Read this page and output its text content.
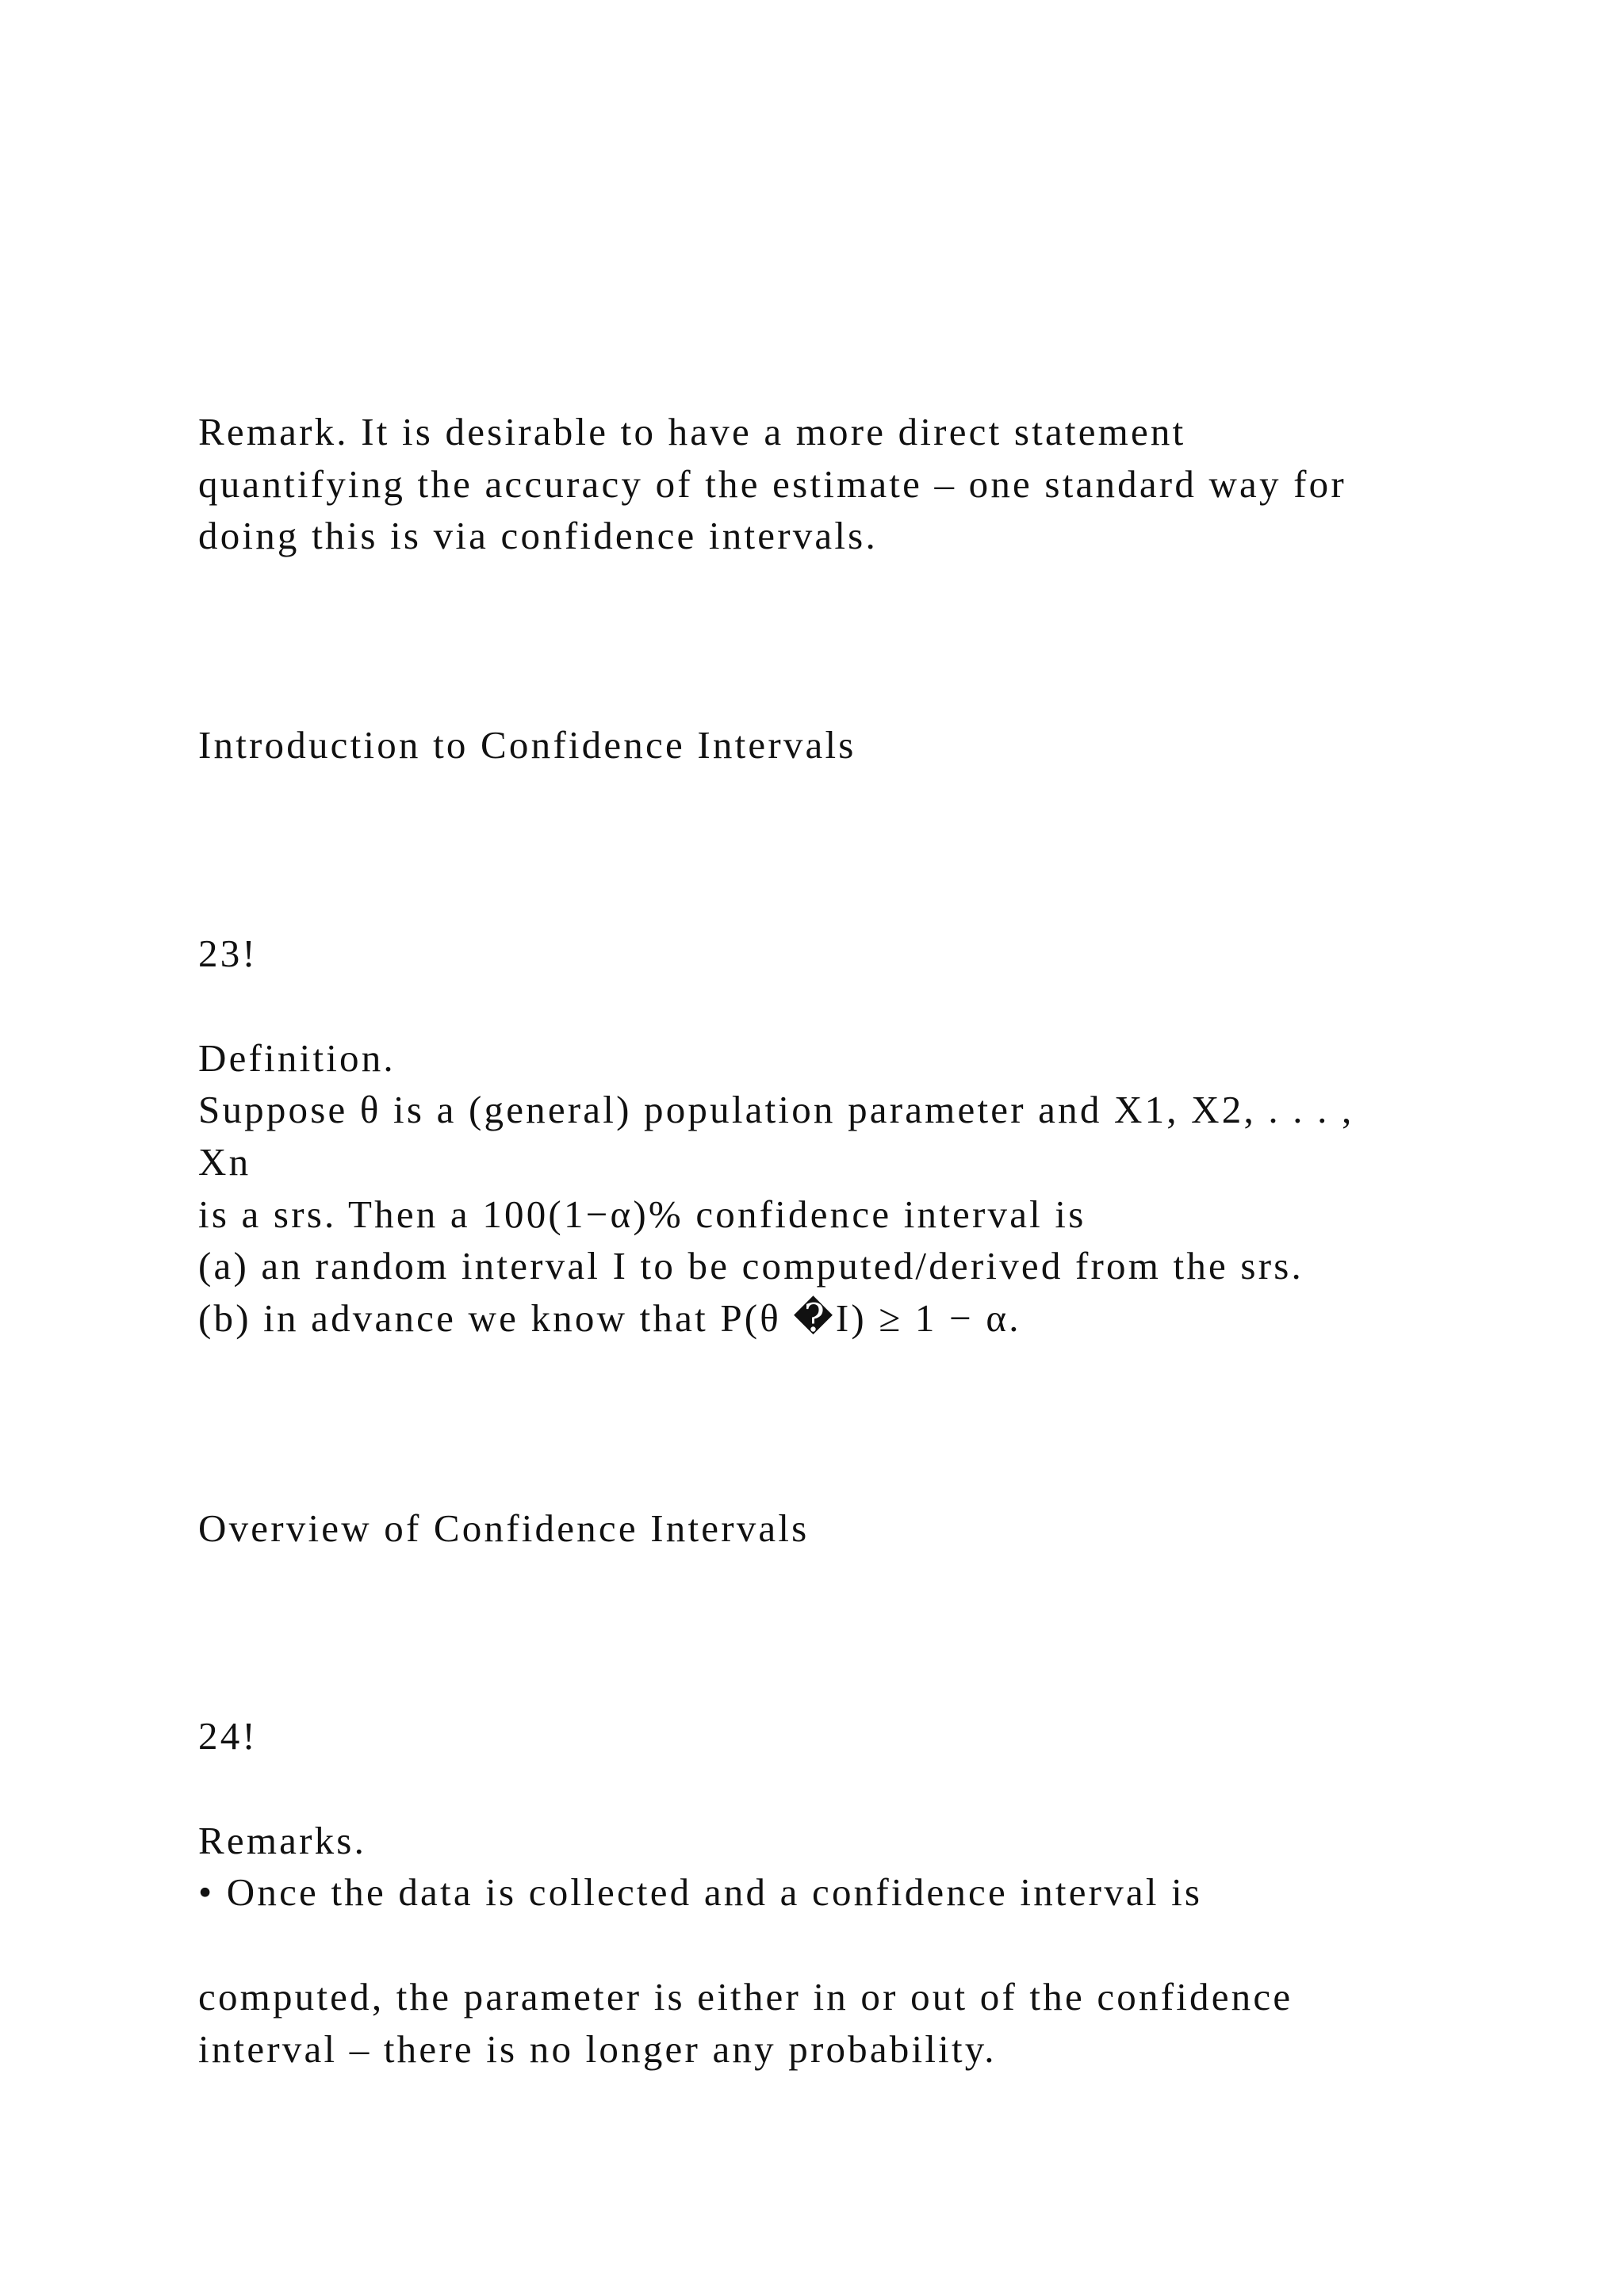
Remark. It is desirable to have a more direct statement
quantifying the accuracy of the estimate – one standard way for
doing this is via confidence intervals.
Introduction to Confidence Intervals
23!
Definition.
Suppose θ is a (general) population parameter and X1, X2, . . . ,
Xn
is a srs. Then a 100(1−α)% confidence interval is
(a) an random interval I to be computed/derived from the srs.
(b) in advance we know that P(θ �I) ≥ 1 − α.
Overview of Confidence Intervals
24!
Remarks.
• Once the data is collected and a confidence interval is
computed, the parameter is either in or out of the confidence
interval – there is no longer any probability.
